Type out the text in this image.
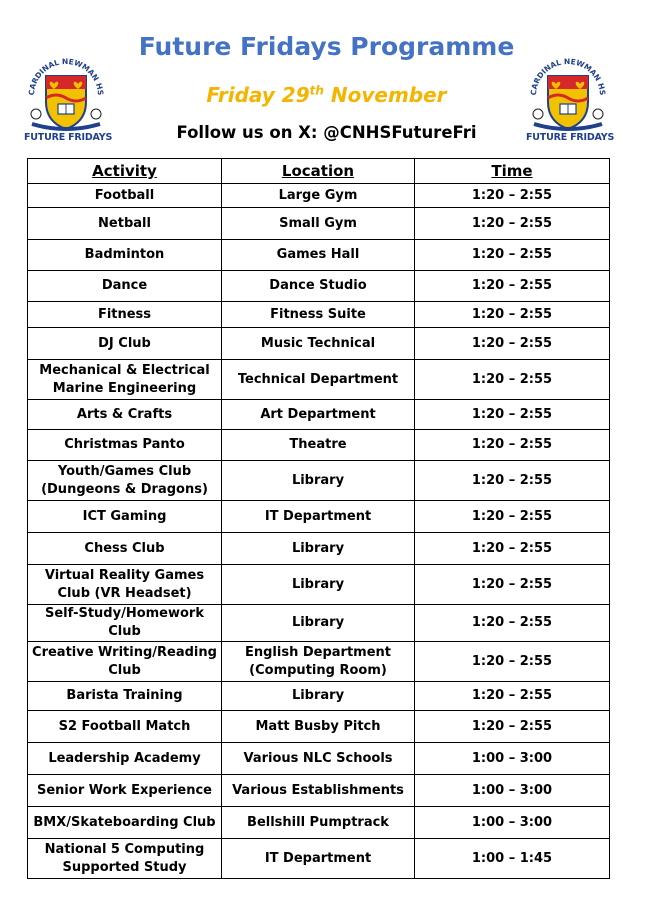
CARDINAL NEWMAN HS
FUTURE FRIDAYS
CARDINAL NEWMAN HS
FUTURE FRIDAYS
Future Fridays Programme
Friday 29th November
Follow us on X: @CNHSFutureFri
Activity	Location	Time
Football	Large Gym	1:20 – 2:55
Netball	Small Gym	1:20 – 2:55
Badminton	Games Hall	1:20 – 2:55
Dance	Dance Studio	1:20 – 2:55
Fitness	Fitness Suite	1:20 – 2:55
DJ Club	Music Technical	1:20 – 2:55
Mechanical & Electrical Marine Engineering	Technical Department	1:20 – 2:55
Arts & Crafts	Art Department	1:20 – 2:55
Christmas Panto	Theatre	1:20 – 2:55
Youth/Games Club (Dungeons & Dragons)	Library	1:20 – 2:55
ICT Gaming	IT Department	1:20 – 2:55
Chess Club	Library	1:20 – 2:55
Virtual Reality Games Club (VR Headset)	Library	1:20 – 2:55
Self-Study/Homework Club	Library	1:20 – 2:55
Creative Writing/Reading Club	English Department (Computing Room)	1:20 – 2:55
Barista Training	Library	1:20 – 2:55
S2 Football Match	Matt Busby Pitch	1:20 – 2:55
Leadership Academy	Various NLC Schools	1:00 – 3:00
Senior Work Experience	Various Establishments	1:00 – 3:00
BMX/Skateboarding Club	Bellshill Pumptrack	1:00 – 3:00
National 5 Computing Supported Study	IT Department	1:00 – 1:45
